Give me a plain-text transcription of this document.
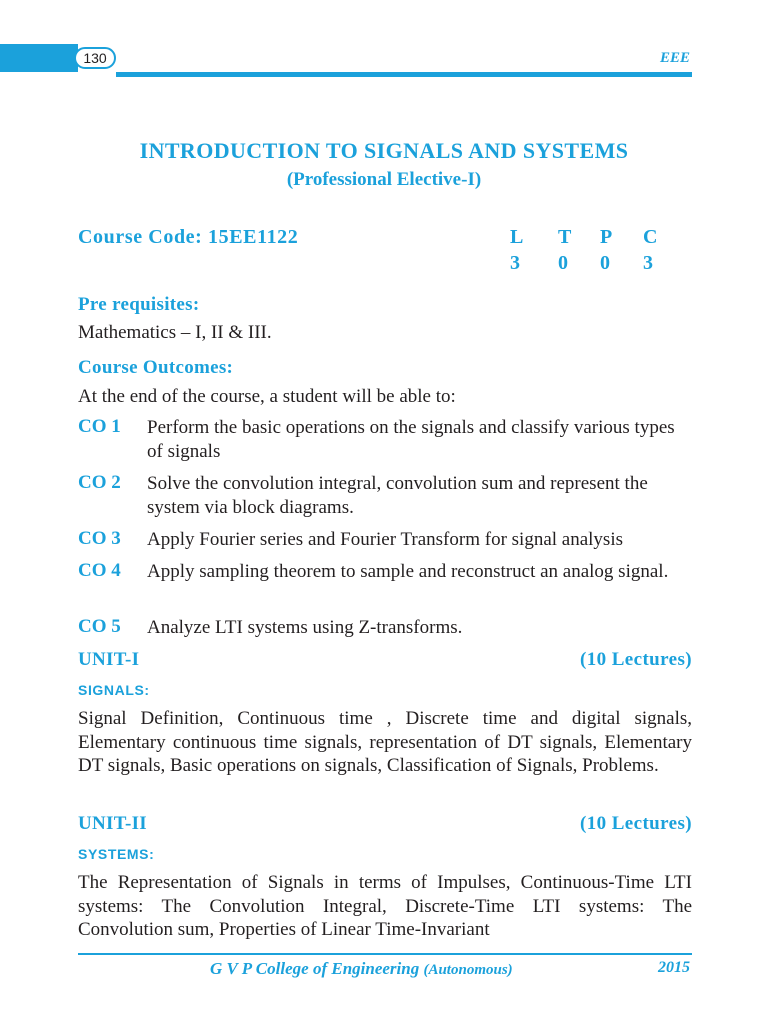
130	EEE
INTRODUCTION TO SIGNALS AND SYSTEMS
(Professional Elective-I)
Course Code: 15EE1122	L	T	P	C
3	0	0	3
Pre requisites:
Mathematics – I, II & III.
Course Outcomes:
At the end of the course, a student will be able to:
CO 1 Perform the basic operations on the signals and classify various types of signals
CO 2 Solve the convolution integral, convolution sum and represent the system via block diagrams.
CO 3 Apply Fourier series and Fourier Transform for signal analysis
CO 4 Apply sampling theorem to sample and reconstruct an analog signal.
CO 5 Analyze LTI systems using Z-transforms.
UNIT-I	(10 Lectures)
SIGNALS:
Signal Definition, Continuous time , Discrete time and digital signals, Elementary continuous time signals, representation of DT signals, Elementary DT signals, Basic operations on signals, Classification of Signals, Problems.
UNIT-II	(10 Lectures)
SYSTEMS:
The Representation of Signals in terms of Impulses, Continuous-Time LTI systems: The Convolution Integral, Discrete-Time LTI systems: The Convolution sum, Properties of Linear Time-Invariant
G V P College of Engineering (Autonomous)	2015
